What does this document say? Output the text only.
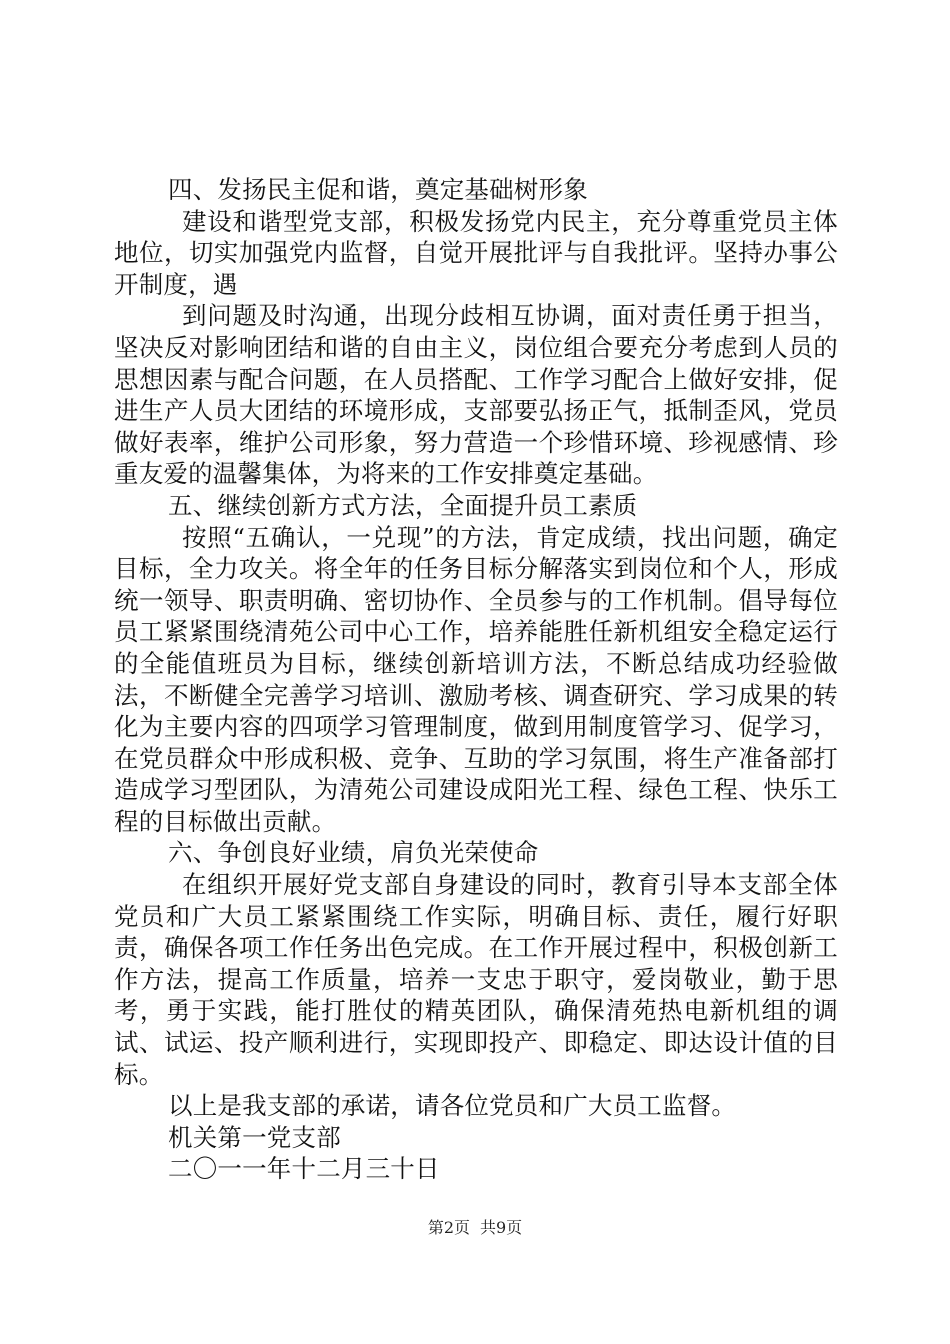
四、发扬民主促和谐，奠定基础树形象

建设和谐型党支部，积极发扬党内民主，充分尊重党员主体地位，切实加强党内监督，自觉开展批评与自我批评。坚持办事公开制度，遇

到问题及时沟通，出现分歧相互协调，面对责任勇于担当，坚决反对影响团结和谐的自由主义，岗位组合要充分考虑到人员的思想因素与配合问题，在人员搭配、工作学习配合上做好安排，促进生产人员大团结的环境形成，支部要弘扬正气，抵制歪风，党员做好表率，维护公司形象，努力营造一个珍惜环境、珍视感情、珍重友爱的温馨集体，为将来的工作安排奠定基础。

五、继续创新方式方法，全面提升员工素质

按照“五确认，一兑现”的方法，肯定成绩，找出问题，确定目标，全力攻关。将全年的任务目标分解落实到岗位和个人，形成统一领导、职责明确、密切协作、全员参与的工作机制。倡导每位员工紧紧围绕清苑公司中心工作，培养能胜任新机组安全稳定运行的全能值班员为目标，继续创新培训方法，不断总结成功经验做法，不断健全完善学习培训、激励考核、调查研究、学习成果的转化为主要内容的四项学习管理制度，做到用制度管学习、促学习，在党员群众中形成积极、竞争、互助的学习氛围，将生产准备部打造成学习型团队，为清苑公司建设成阳光工程、绿色工程、快乐工程的目标做出贡献。

六、争创良好业绩，肩负光荣使命

在组织开展好党支部自身建设的同时，教育引导本支部全体党员和广大员工紧紧围绕工作实际，明确目标、责任，履行好职责，确保各项工作任务出色完成。在工作开展过程中，积极创新工作方法，提高工作质量，培养一支忠于职守，爱岗敬业，勤于思考，勇于实践，能打胜仗的精英团队，确保清苑热电新机组的调试、试运、投产顺利进行，实现即投产、即稳定、即达设计值的目标。

以上是我支部的承诺，请各位党员和广大员工监督。

机关第一党支部

二〇一一年十二月三十日

第2页 共9页
